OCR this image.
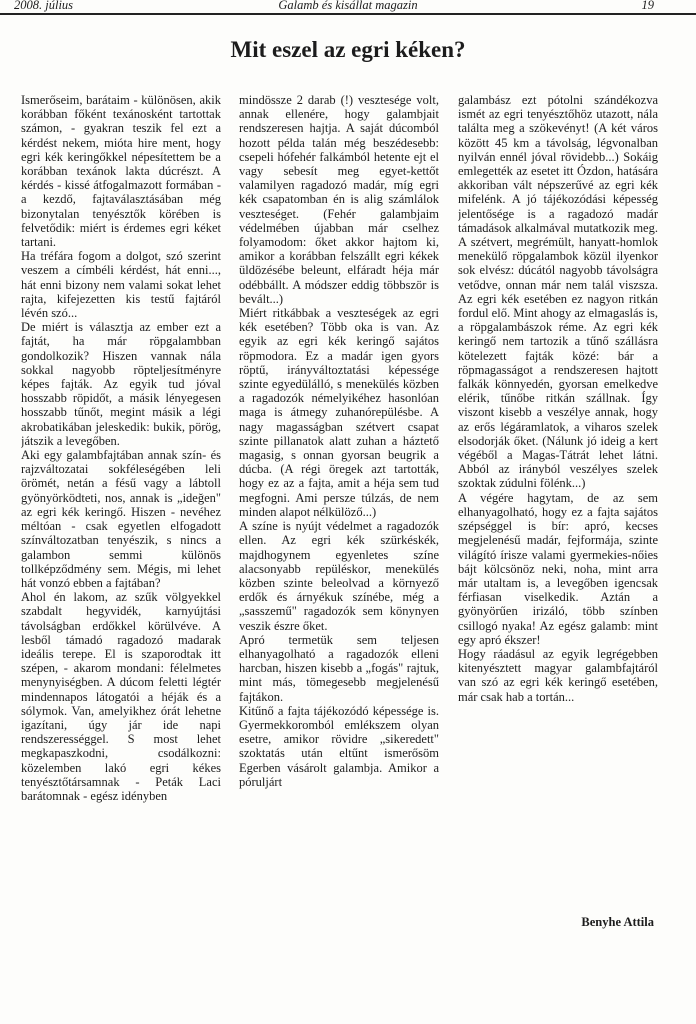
2008. július	Galamb és kisállat magazin	19
Mit eszel az egri kéken?

Ismerőseim, barátaim - különösen, akik korábban főként texánosként tartottak számon, - gyakran teszik fel ezt a kérdést nekem, mióta hire ment, hogy egri kék keringőkkel népesítettem be a korábban texánok lakta dúcrészt. A kérdés - kissé átfogalmazott formában - a kezdő, fajtaválasztásában még bizonytalan tenyésztők körében is felvetődik: miért is érdemes egri kéket tartani.

Ha tréfára fogom a dolgot, szó szerint veszem a címbéli kérdést, hát enni..., hát enni bizony nem valami sokat lehet rajta, kifejezetten kis testű fajtáról lévén szó...

De miért is választja az ember ezt a fajtát, ha már röpgalambban gondolkozik? Hiszen vannak nála sokkal nagyobb röpteljesítményre képes fajták. Az egyik tud jóval hosszabb röpidőt, a másik lényegesen hosszabb tűnőt, megint másik a légi akrobatikában jeleskedik: bukik, pörög, játszik a levegőben.

Aki egy galambfajtában annak szín- és rajzváltozatai sokféleségében leli örömét, netán a fésű vagy a lábtoll gyönyörködteti, nos, annak is „ideğen" az egri kék keringő. Hiszen - nevéhez méltóan - csak egyetlen elfogadott színváltozatban tenyészik, s nincs a galambon semmi különös tollképződmény sem. Mégis, mi lehet hát vonzó ebben a fajtában?

Ahol én lakom, az szűk völgyekkel szabdalt hegyvidék, karnyújtási távolságban erdőkkel körülvéve. A lesből támadó ragadozó madarak ideális terepe. El is szaporodtak itt szépen, - akarom mondani: félelmetes menynyiségben. A dúcom feletti légtér mindennapos látogatói a héják és a sólymok. Van, amelyikhez órát lehetne igazítani, úgy jár ide napi rendszerességgel. S most lehet megkapaszkodni, csodálkozni: közelemben lakó egri kékes tenyésztőtársamnak - Peták Laci barátomnak - egész idényben

mindössze 2 darab (!) vesztesége volt, annak ellenére, hogy galambjait rendszeresen hajtja. A saját dúcomból hozott példa talán még beszédesebb: csepeli hófehér falkámból hetente ejt el vagy sebesít meg egyet-kettőt valamilyen ragadozó madár, míg egri kék csapatomban én is alig számlálok veszteséget. (Fehér galambjaim védelmében újabban már cselhez folyamodom: őket akkor hajtom ki, amikor a korábban felszállt egri kékek üldözésébe beleunt, elfáradt héja már odébbállt. A módszer eddig többször is bevált...)

Miért ritkábbak a veszteségek az egri kék esetében? Több oka is van. Az egyik az egri kék keringő sajátos röpmodora. Ez a madár igen gyors röptű, irányváltoztatási képessége szinte egyedülálló, s menekülés közben a ragadozók némelyikéhez hasonlóan maga is átmegy zuhanórepülésbe. A nagy magasságban szétvert csapat szinte pillanatok alatt zuhan a háztető magasig, s onnan gyorsan beugrik a dúcba. (A régi öregek azt tartották, hogy ez az a fajta, amit a héja sem tud megfogni. Ami persze túlzás, de nem minden alapot nélkülöző...)

A színe is nyújt védelmet a ragadozók ellen. Az egri kék szürkéskék, majdhogynem egyenletes színe alacsonyabb repüléskor, menekülés közben szinte beleolvad a környező erdők és árnyékuk színébe, még a „sasszemű" ragadozók sem könynyen veszik észre őket.

Apró termetük sem teljesen elhanyagolható a ragadozók elleni harcban, hiszen kisebb a „fogás" rajtuk, mint más, tömegesebb megjelenésű fajtákon.

Kitűnő a fajta tájékozódó képessége is. Gyermekkoromból emlékszem olyan esetre, amikor rövidre „sikeredett" szoktatás után eltűnt ismerősöm Egerben vásárolt galambja. Amikor a póruljárt

galambász ezt pótolni szándékozva ismét az egri tenyésztőhöz utazott, nála találta meg a szökevényt! (A két város között 45 km a távolság, légvonalban nyilván ennél jóval rövidebb...) Sokáig emlegették az esetet itt Ózdon, hatására akkoriban vált népszerűvé az egri kék mifelénk. A jó tájékozódási képesség jelentősége is a ragadozó madár támadások alkalmával mutatkozik meg. A szétvert, megrémült, hanyatt-homlok menekülő röpgalambok közül ilyenkor sok elvész: dúcától nagyobb távolságra vetődve, onnan már nem talál viszsza. Az egri kék esetében ez nagyon ritkán fordul elő. Mint ahogy az elmagaslás is, a röpgalambászok réme. Az egri kék keringő nem tartozik a tűnő szállásra kötelezett fajták közé: bár a röpmagasságot a rendszeresen hajtott falkák könnyedén, gyorsan emelkedve elérik, tűnőbe ritkán szállnak. Így viszont kisebb a veszélye annak, hogy az erős légáramlatok, a viharos szelek elsodorják őket. (Nálunk jó ideig a kert végéből a Magas-Tátrát lehet látni. Abból az irányból veszélyes szelek szoktak zúdulni fölénk...)

A végére hagytam, de az sem elhanyagolható, hogy ez a fajta sajátos szépséggel is bír: apró, kecses megjelenésű madár, fejformája, szinte világító írisze valami gyermekies-nőies bájt kölcsönöz neki, noha, mint arra már utaltam is, a levegőben igencsak férfiasan viselkedik. Aztán a gyönyörűen irizáló, több színben csillogó nyaka! Az egész galamb: mint egy apró ékszer!

Hogy ráadásul az egyik legrégebben kitenyésztett magyar galambfajtáról van szó az egri kék keringő esetében, már csak hab a tortán...

Benyhe Attila
